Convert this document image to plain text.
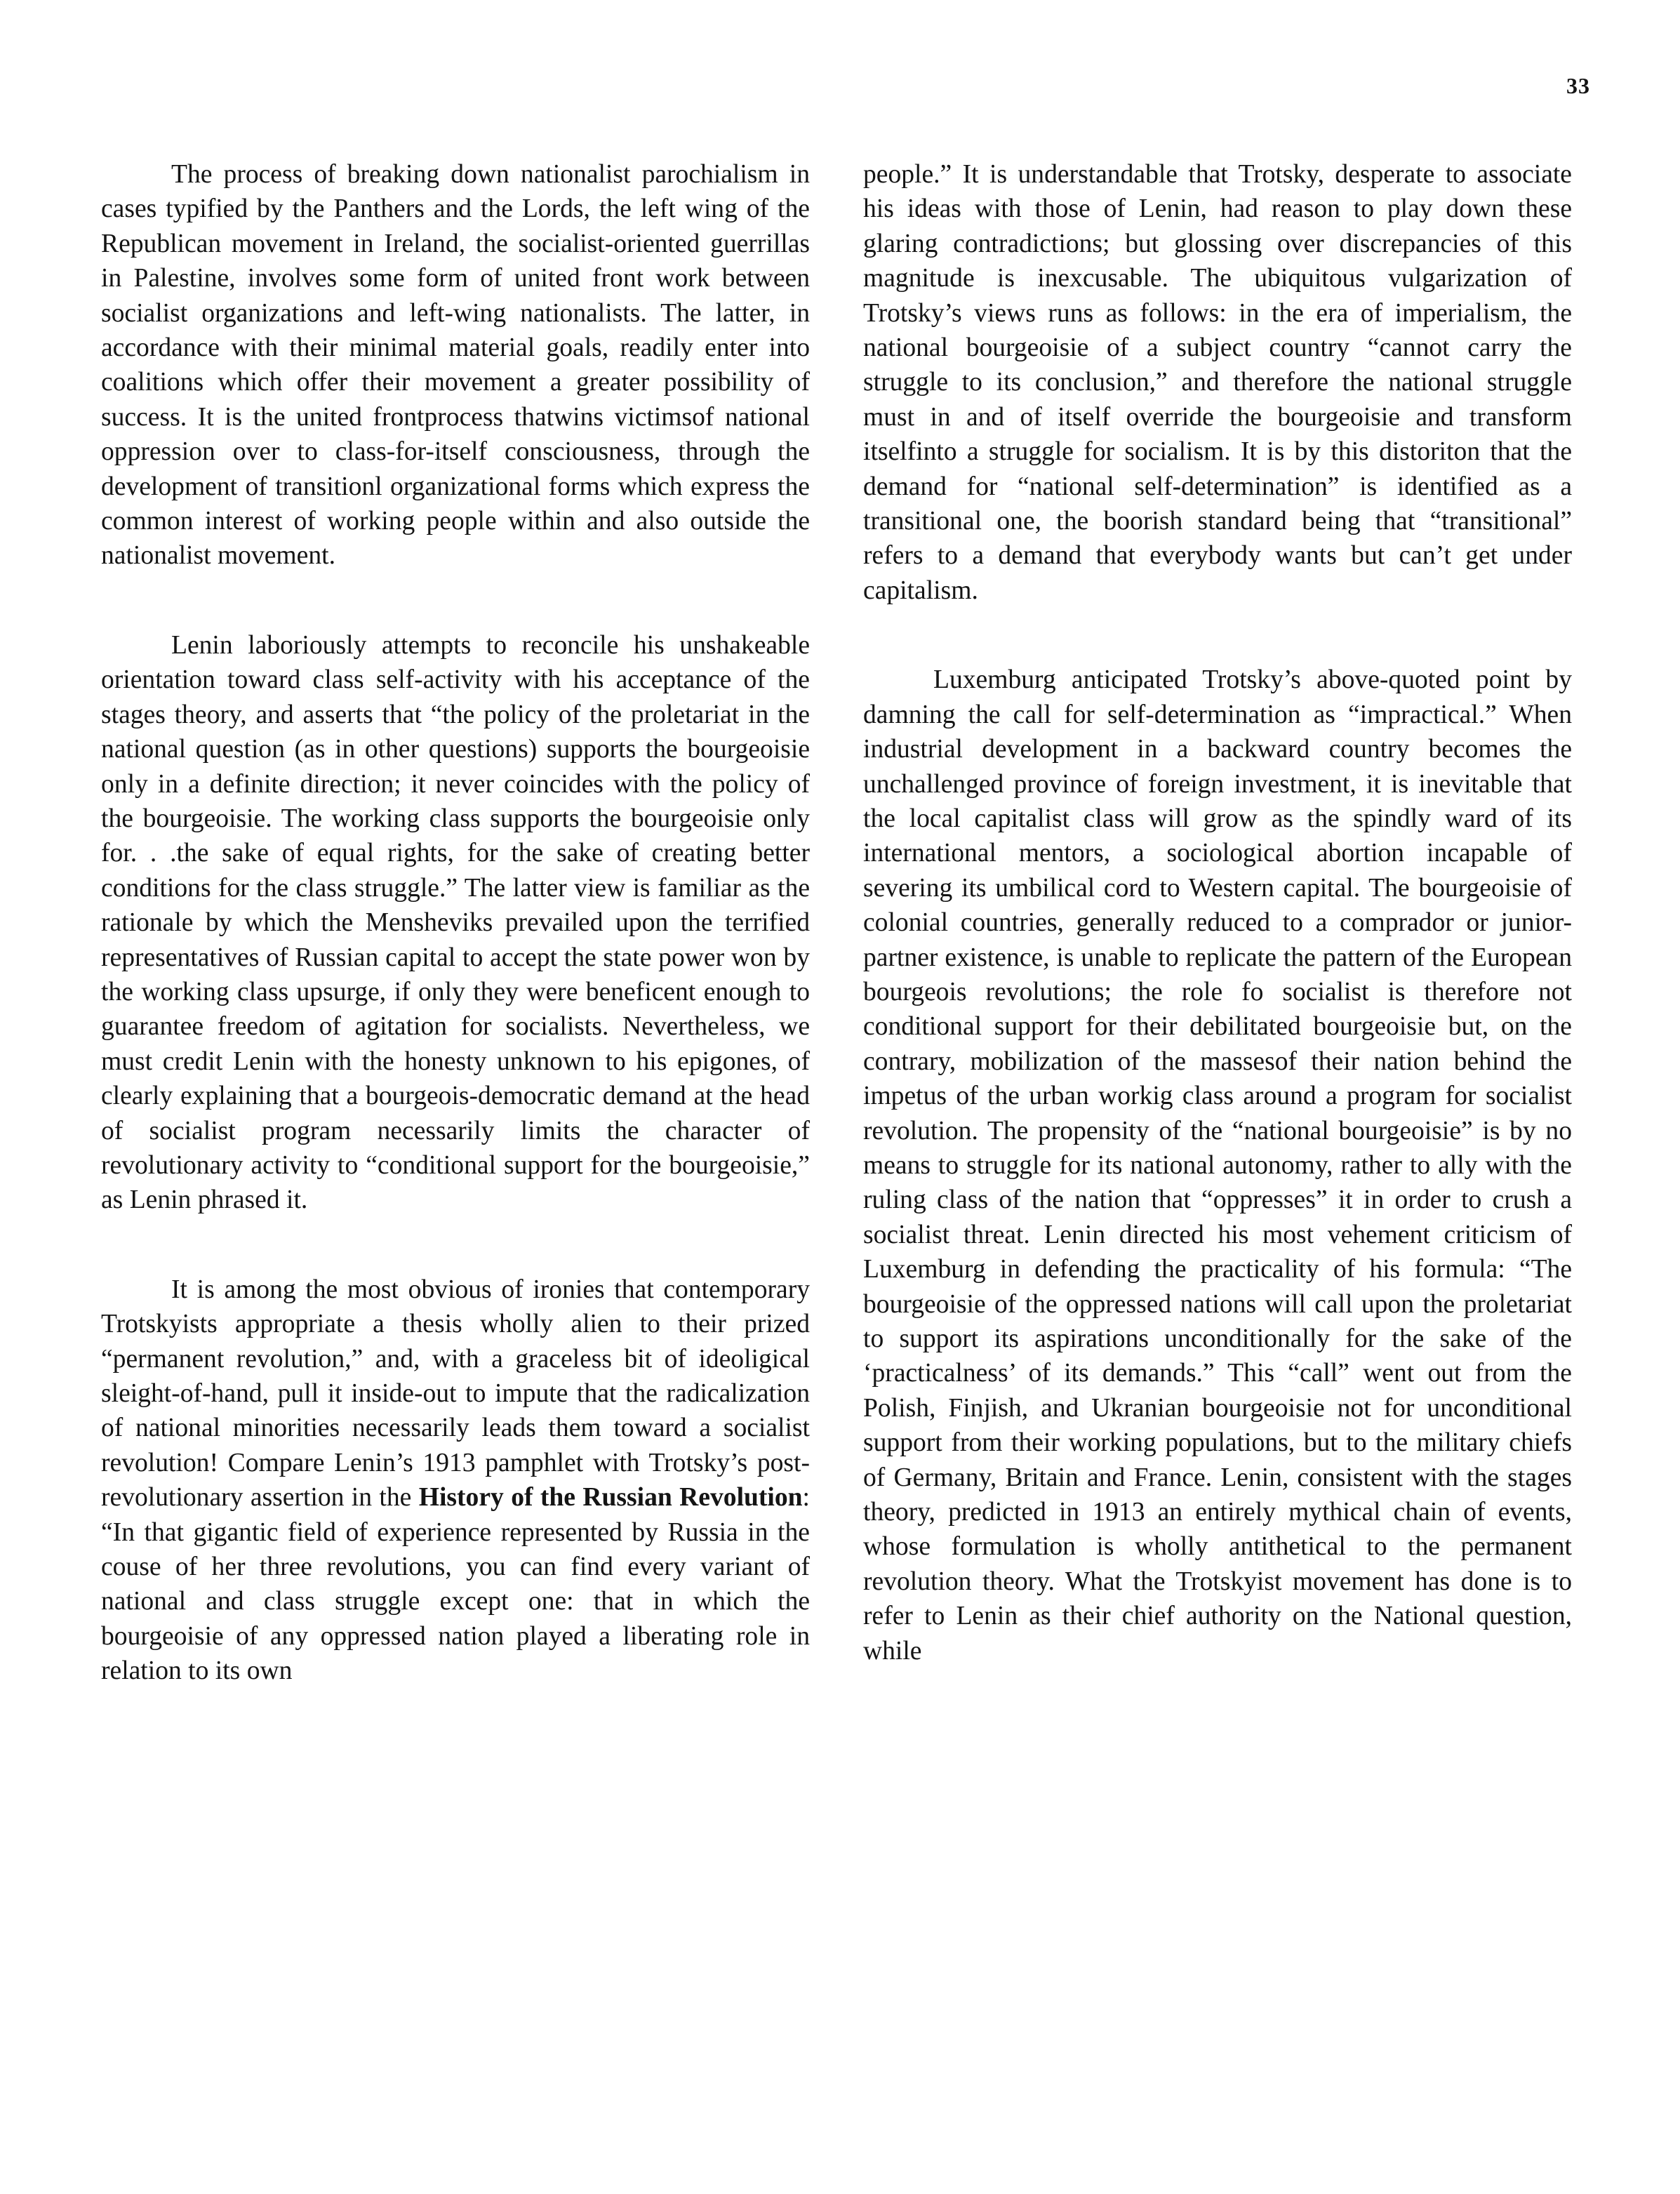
33

The process of breaking down nationalist parochialism in cases typified by the Panthers and the Lords, the left wing of the Republican movement in Ireland, the socialist-oriented guerrillas in Palestine, involves some form of united front work between socialist organizations and left-wing nationalists. The latter, in accordance with their minimal material goals, readily enter into coalitions which offer their movement a greater possibility of success. It is the united frontprocess thatwins victimsof national oppression over to class-for-itself consciousness, through the development of transitionl organizational forms which express the common interest of working people within and also outside the nationalist movement.

Lenin laboriously attempts to reconcile his unshakeable orientation toward class self-activity with his acceptance of the stages theory, and asserts that “the policy of the proletariat in the national question (as in other questions) supports the bourgeoisie only in a definite direction; it never coincides with the policy of the bourgeoisie. The working class supports the bourgeoisie only for. . .the sake of equal rights, for the sake of creating better conditions for the class struggle.” The latter view is familiar as the rationale by which the Mensheviks prevailed upon the terrified representatives of Russian capital to accept the state power won by the working class upsurge, if only they were beneficent enough to guarantee freedom of agitation for socialists. Nevertheless, we must credit Lenin with the honesty unknown to his epigones, of clearly explaining that a bourgeois-democratic demand at the head of socialist program necessarily limits the character of revolutionary activity to “conditional support for the bourgeoisie,” as Lenin phrased it.

It is among the most obvious of ironies that contemporary Trotskyists appropriate a thesis wholly alien to their prized “permanent revolution,” and, with a graceless bit of ideoligical sleight-of-hand, pull it inside-out to impute that the radicalization of national minorities necessarily leads them toward a socialist revolution! Compare Lenin’s 1913 pamphlet with Trotsky’s post-revolutionary assertion in the History of the Russian Revolution: “In that gigantic field of experience represented by Russia in the couse of her three revolutions, you can find every variant of national and class struggle except one: that in which the bourgeoisie of any oppressed nation played a liberating role in relation to its own

people.” It is understandable that Trotsky, desperate to associate his ideas with those of Lenin, had reason to play down these glaring contradictions; but glossing over discrepancies of this magnitude is inexcusable. The ubiquitous vulgarization of Trotsky’s views runs as follows: in the era of imperialism, the national bourgeoisie of a subject country “cannot carry the struggle to its conclusion,” and therefore the national struggle must in and of itself override the bourgeoisie and transform itselfinto a struggle for socialism. It is by this distoriton that the demand for “national self-determination” is identified as a transitional one, the boorish standard being that “transitional” refers to a demand that everybody wants but can’t get under capitalism.

Luxemburg anticipated Trotsky’s above-quoted point by damning the call for self-determination as “impractical.” When industrial development in a backward country becomes the unchallenged province of foreign investment, it is inevitable that the local capitalist class will grow as the spindly ward of its international mentors, a sociological abortion incapable of severing its umbilical cord to Western capital. The bourgeoisie of colonial countries, generally reduced to a comprador or junior-partner existence, is unable to replicate the pattern of the European bourgeois revolutions; the role fo socialist is therefore not conditional support for their debilitated bourgeoisie but, on the contrary, mobilization of the massesof their nation behind the impetus of the urban workig class around a program for socialist revolution. The propensity of the “national bourgeoisie” is by no means to struggle for its national autonomy, rather to ally with the ruling class of the nation that “oppresses” it in order to crush a socialist threat. Lenin directed his most vehement criticism of Luxemburg in defending the practicality of his formula: “The bourgeoisie of the oppressed nations will call upon the proletariat to support its aspirations unconditionally for the sake of the ‘practicalness’ of its demands.” This “call” went out from the Polish, Finjish, and Ukranian bourgeoisie not for unconditional support from their working populations, but to the military chiefs of Germany, Britain and France. Lenin, consistent with the stages theory, predicted in 1913 an entirely mythical chain of events, whose formulation is wholly antithetical to the permanent revolution theory. What the Trotskyist movement has done is to refer to Lenin as their chief authority on the National question, while
